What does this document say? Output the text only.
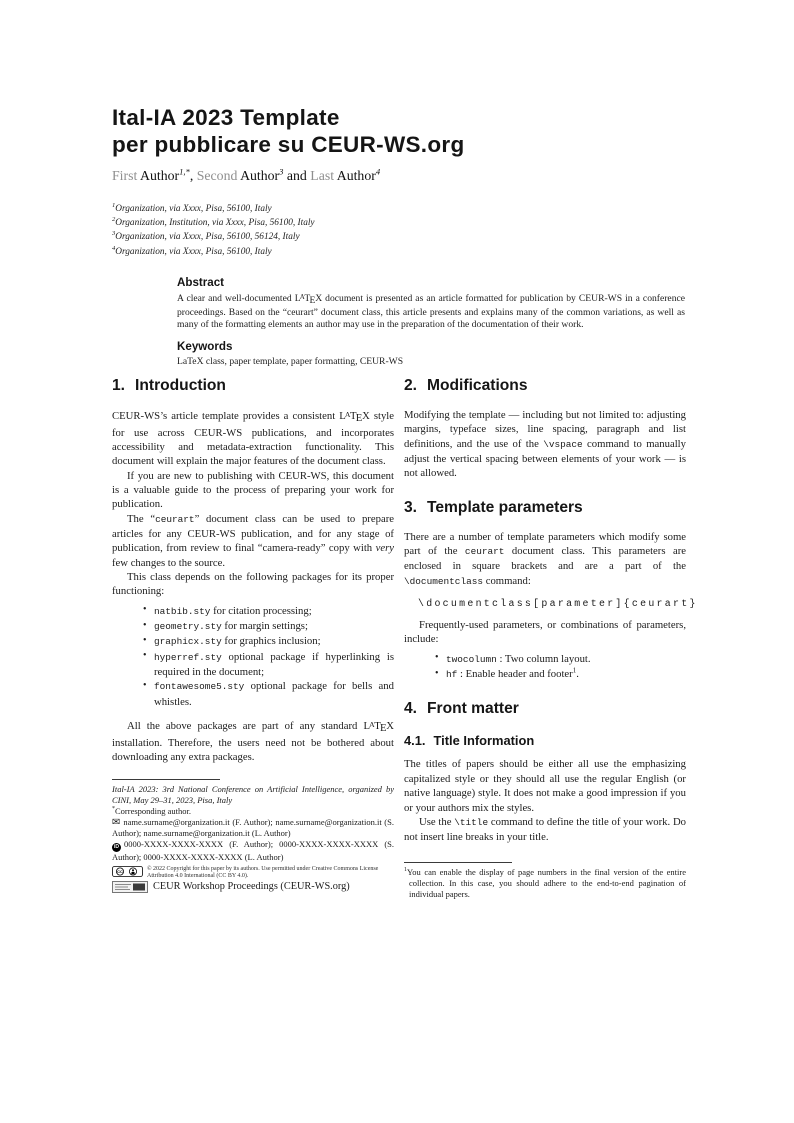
Ital-IA 2023 Template
per pubblicare su CEUR-WS.org
First Author$^{1,*}$, Second Author$^3$ and Last Author$^4$
$^1$Organization, via Xxxx, Pisa, 56100, Italy
$^2$Organization, Institution, via Xxxx, Pisa, 56100, Italy
$^3$Organization, via Xxxx, Pisa, 56100, 56124, Italy
$^4$Organization, via Xxxx, Pisa, 56100, Italy
Abstract

A clear and well-documented $L^ATEX$ document is presented as an article formatted for publication by CEUR-WS in a conference proceedings. Based on the “ceurart” document class, this article presents and explains many of the common variations, as well as many of the formatting elements an author may use in the preparation of the documentation of their work.

Keywords

LaTeX class, paper template, paper formatting, CEUR-WS

1. Introduction

CEUR-WS’s article template provides a consistent $L^ATEX$ style for use across CEUR-WS publications, and incorporates accessibility and metadata-extraction functionality. This document will explain the major features of the document class.

If you are new to publishing with CEUR-WS, this document is a valuable guide to the process of preparing your work for publication.

The “ceurart” document class can be used to prepare articles for any CEUR-WS publication, and for any stage of publication, from review to final “camera-ready” copy with very few changes to the source.

This class depends on the following packages for its proper functioning:

• natbib.sty for citation processing;
• geometry.sty for margin settings;
• graphicx.sty for graphics inclusion;
• hyperref.sty optional package if hyperlinking is required in the document;
• fontawesome5.sty optional package for bells and whistles.

All the above packages are part of any standard $L^ATEX$ installation. Therefore, the users need not be bothered about downloading any extra packages.

Ital-IA 2023: 3rd National Conference on Artificial Intelligence, organized by CINI, May 29–31, 2023, Pisa, Italy

*Corresponding author.

✉ name.surname@organization.it (F. Author); name.surname@organization.it (S. Author); name.surname@organization.it (L. Author)

iD 0000-XXXX-XXXX-XXXX (F. Author); 0000-XXXX-XXXX-XXXX (S. Author); 0000-XXXX-XXXX-XXXX (L. Author)

CC	© 2022 Copyright for this paper by its authors. Use permitted under Creative Commons License Attribution 4.0 International (CC BY 4.0).
CEUR Workshop Proceedings (CEUR-WS.org)
2. Modifications

Modifying the template — including but not limited to: adjusting margins, typeface sizes, line spacing, paragraph and list definitions, and the use of the \vspace command to manually adjust the vertical spacing between elements of your work — is not allowed.

3. Template parameters

There are a number of template parameters which modify some part of the ceurart document class. This parameters are enclosed in square brackets and are a part of the \documentclass command:

\documentclass[parameter]{ceurart}

Frequently-used parameters, or combinations of parameters, include:

• twocolumn : Two column layout.
• hf : Enable header and footer$^1$.
4. Front matter
4.1. Title Information

The titles of papers should be either all use the emphasizing capitalized style or they should all use the regular English (or native language) style. It does not make a good impression if you or your authors mix the styles.

Use the \title command to define the title of your work. Do not insert line breaks in your title.

$^1$You can enable the display of page numbers in the final version of the entire collection. In this case, you should adhere to the end-to-end pagination of individual papers.
